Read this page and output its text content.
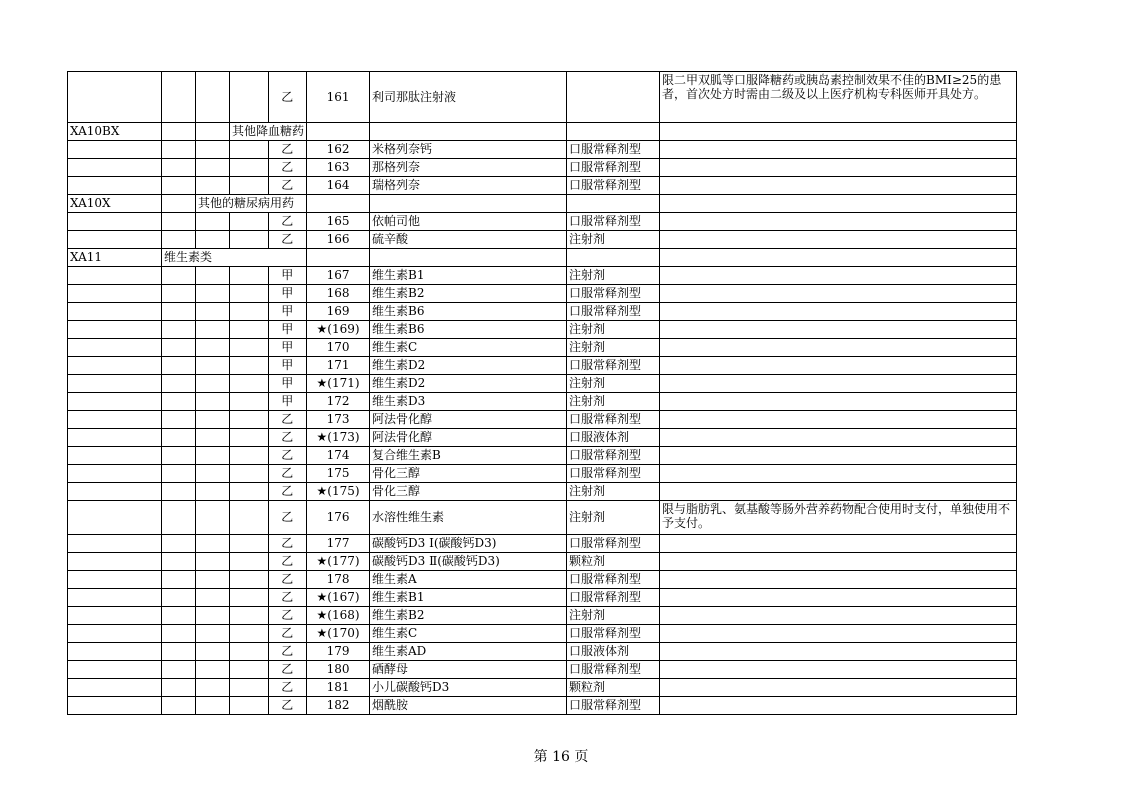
				乙	161	利司那肽注射液		限二甲双胍等口服降糖药或胰岛素控制效果不佳的BMI≥25的患者，首次处方时需由二级及以上医疗机构专科医师开具处方。
XA10BX			其他降血糖药					
				乙	162	米格列奈钙	口服常释剂型	
				乙	163	那格列奈	口服常释剂型	
				乙	164	瑞格列奈	口服常释剂型	
XA10X		其他的糖尿病用药						
				乙	165	依帕司他	口服常释剂型	
				乙	166	硫辛酸	注射剂	
XA11	维生素类							
				甲	167	维生素B1	注射剂	
				甲	168	维生素B2	口服常释剂型	
				甲	169	维生素B6	口服常释剂型	
				甲	★(169)	维生素B6	注射剂	
				甲	170	维生素C	注射剂	
				甲	171	维生素D2	口服常释剂型	
				甲	★(171)	维生素D2	注射剂	
				甲	172	维生素D3	注射剂	
				乙	173	阿法骨化醇	口服常释剂型	
				乙	★(173)	阿法骨化醇	口服液体剂	
				乙	174	复合维生素B	口服常释剂型	
				乙	175	骨化三醇	口服常释剂型	
				乙	★(175)	骨化三醇	注射剂	
				乙	176	水溶性维生素	注射剂	限与脂肪乳、氨基酸等肠外营养药物配合使用时支付，单独使用不予支付。
				乙	177	碳酸钙D3 Ⅰ(碳酸钙D3)	口服常释剂型	
				乙	★(177)	碳酸钙D3 Ⅱ(碳酸钙D3)	颗粒剂	
				乙	178	维生素A	口服常释剂型	
				乙	★(167)	维生素B1	口服常释剂型	
				乙	★(168)	维生素B2	注射剂	
				乙	★(170)	维生素C	口服常释剂型	
				乙	179	维生素AD	口服液体剂	
				乙	180	硒酵母	口服常释剂型	
				乙	181	小儿碳酸钙D3	颗粒剂	
				乙	182	烟酰胺	口服常释剂型	
第 16 页
